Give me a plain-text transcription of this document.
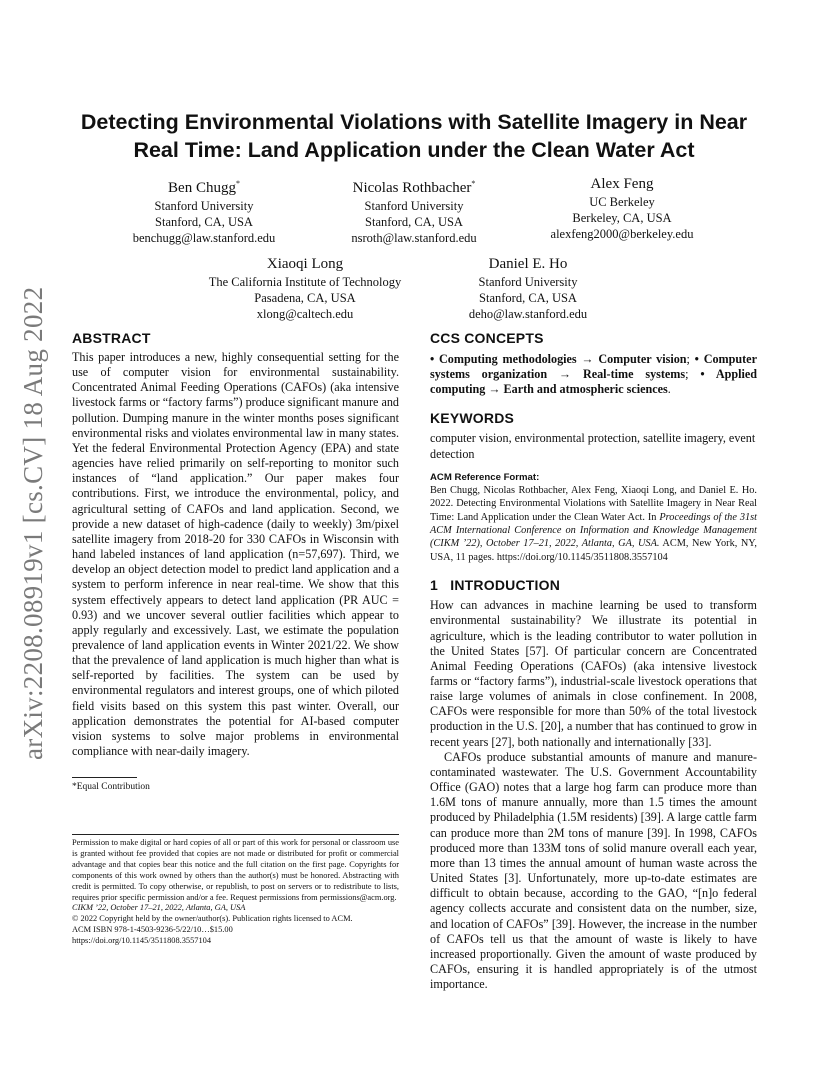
arXiv:2208.08919v1 [cs.CV] 18 Aug 2022
Detecting Environmental Violations with Satellite Imagery in Near Real Time: Land Application under the Clean Water Act
Ben Chugg*
Stanford University
Stanford, CA, USA
benchugg@law.stanford.edu
Nicolas Rothbacher*
Stanford University
Stanford, CA, USA
nsroth@law.stanford.edu
Alex Feng
UC Berkeley
Berkeley, CA, USA
alexfeng2000@berkeley.edu
Xiaoqi Long
The California Institute of Technology
Pasadena, CA, USA
xlong@caltech.edu
Daniel E. Ho
Stanford University
Stanford, CA, USA
deho@law.stanford.edu
ABSTRACT
This paper introduces a new, highly consequential setting for the use of computer vision for environmental sustainability. Concentrated Animal Feeding Operations (CAFOs) (aka intensive livestock farms or “factory farms”) produce significant manure and pollution. Dumping manure in the winter months poses significant environmental risks and violates environmental law in many states. Yet the federal Environmental Protection Agency (EPA) and state agencies have relied primarily on self-reporting to monitor such instances of “land application.” Our paper makes four contributions. First, we introduce the environmental, policy, and agricultural setting of CAFOs and land application. Second, we provide a new dataset of high-cadence (daily to weekly) 3m/pixel satellite imagery from 2018-20 for 330 CAFOs in Wisconsin with hand labeled instances of land application (n=57,697). Third, we develop an object detection model to predict land application and a system to perform inference in near real-time. We show that this system effectively appears to detect land application (PR AUC = 0.93) and we uncover several outlier facilities which appear to apply regularly and excessively. Last, we estimate the population prevalence of land application events in Winter 2021/22. We show that the prevalence of land application is much higher than what is self-reported by facilities. The system can be used by environmental regulators and interest groups, one of which piloted field visits based on this system this past winter. Overall, our application demonstrates the potential for AI-based computer vision systems to solve major problems in environmental compliance with near-daily imagery.
*Equal Contribution
Permission to make digital or hard copies of all or part of this work for personal or classroom use is granted without fee provided that copies are not made or distributed for profit or commercial advantage and that copies bear this notice and the full citation on the first page. Copyrights for components of this work owned by others than the author(s) must be honored. Abstracting with credit is permitted. To copy otherwise, or republish, to post on servers or to redistribute to lists, requires prior specific permission and/or a fee. Request permissions from permissions@acm.org.
CIKM ’22, October 17–21, 2022, Atlanta, GA, USA
© 2022 Copyright held by the owner/author(s). Publication rights licensed to ACM.
ACM ISBN 978-1-4503-9236-5/22/10…$15.00
https://doi.org/10.1145/3511808.3557104
CCS CONCEPTS
• Computing methodologies → Computer vision; • Computer systems organization → Real-time systems; • Applied computing → Earth and atmospheric sciences.
KEYWORDS
computer vision, environmental protection, satellite imagery, event detection
ACM Reference Format:
Ben Chugg, Nicolas Rothbacher, Alex Feng, Xiaoqi Long, and Daniel E. Ho. 2022. Detecting Environmental Violations with Satellite Imagery in Near Real Time: Land Application under the Clean Water Act. In Proceedings of the 31st ACM International Conference on Information and Knowledge Management (CIKM ’22), October 17–21, 2022, Atlanta, GA, USA. ACM, New York, NY, USA, 11 pages. https://doi.org/10.1145/3511808.3557104
1 INTRODUCTION
How can advances in machine learning be used to transform environmental sustainability? We illustrate its potential in agriculture, which is the leading contributor to water pollution in the United States [57]. Of particular concern are Concentrated Animal Feeding Operations (CAFOs) (aka intensive livestock farms or “factory farms”), industrial-scale livestock operations that raise large volumes of animals in close confinement. In 2008, CAFOs were responsible for more than 50% of the total livestock production in the U.S. [20], a number that has continued to grow in recent years [27], both nationally and internationally [33].
CAFOs produce substantial amounts of manure and manure-contaminated wastewater. The U.S. Government Accountability Office (GAO) notes that a large hog farm can produce more than 1.6M tons of manure annually, more than 1.5 times the amount produced by Philadelphia (1.5M residents) [39]. A large cattle farm can produce more than 2M tons of manure [39]. In 1998, CAFOs produced more than 133M tons of solid manure overall each year, more than 13 times the annual amount of human waste across the United States [3]. Unfortunately, more up-to-date estimates are difficult to obtain because, according to the GAO, “[n]o federal agency collects accurate and consistent data on the number, size, and location of CAFOs” [39]. However, the increase in the number of CAFOs tell us that the amount of waste is likely to have increased proportionally. Given the amount of waste produced by CAFOs, ensuring it is handled appropriately is of the utmost importance.
